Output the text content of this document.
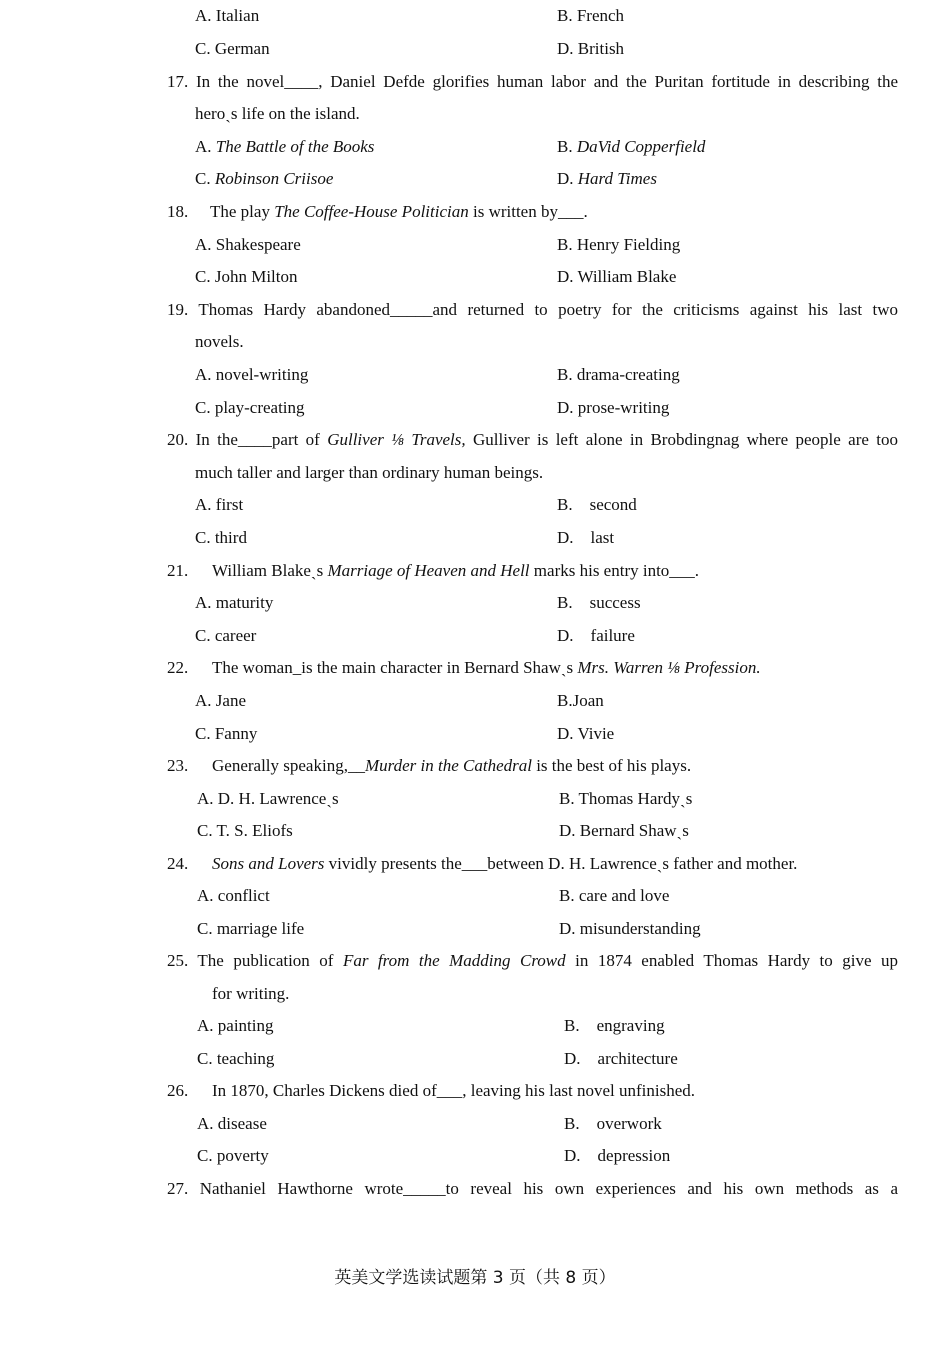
A. Italian	B. French
C. German	D. British
17. In the novel____, Daniel Defde glorifies human labor and the Puritan fortitude in describing the
heroˎs life on the island.
A. The Battle of the Books	B. DaVid Copperfield
C. Robinson Criisoe	D. Hard Times
18. The play The Coffee-House Politician is written by___.
A. Shakespeare	B. Henry Fielding
C. John Milton	D. William Blake
19. Thomas Hardy abandoned_____and returned to poetry for the criticisms against his last two
novels.
A. novel-writing	B. drama-creating
C. play-creating	D. prose-writing
20. In the____part of Gulliver ⅛ Travels, Gulliver is left alone in Brobdingnag where people are too
much taller and larger than ordinary human beings.
A. first	B.    second
C. third	D.    last
21. William Blakeˎs Marriage of Heaven and Hell marks his entry into___.
A. maturity	B.    success
C. career	D.    failure
22. The woman_is the main character in Bernard Shawˎs Mrs. Warren ⅛ Profession.
A. Jane	B.Joan
C. Fanny	D. Vivie
23. Generally speaking,__Murder in the Cathedral is the best of his plays.
A. D. H. Lawrenceˎs	B. Thomas Hardyˎs
C. T. S. Eliofs	D. Bernard Shawˎs
24. Sons and Lovers vividly presents the___between D. H. Lawrenceˎs father and mother.
A. conflict	B. care and love
C. marriage life	D. misunderstanding
25. The publication of Far from the Madding Crowd in 1874 enabled Thomas Hardy to give up
for writing.
A. painting	B.    engraving
C. teaching	D.    architecture
26. In 1870, Charles Dickens died of___, leaving his last novel unfinished.
A. disease	B.    overwork
C. poverty	D.    depression
27. Nathaniel Hawthorne wrote_____to reveal his own experiences and his own methods as a
英美文学选读试题第 3 页（共 8 页）
